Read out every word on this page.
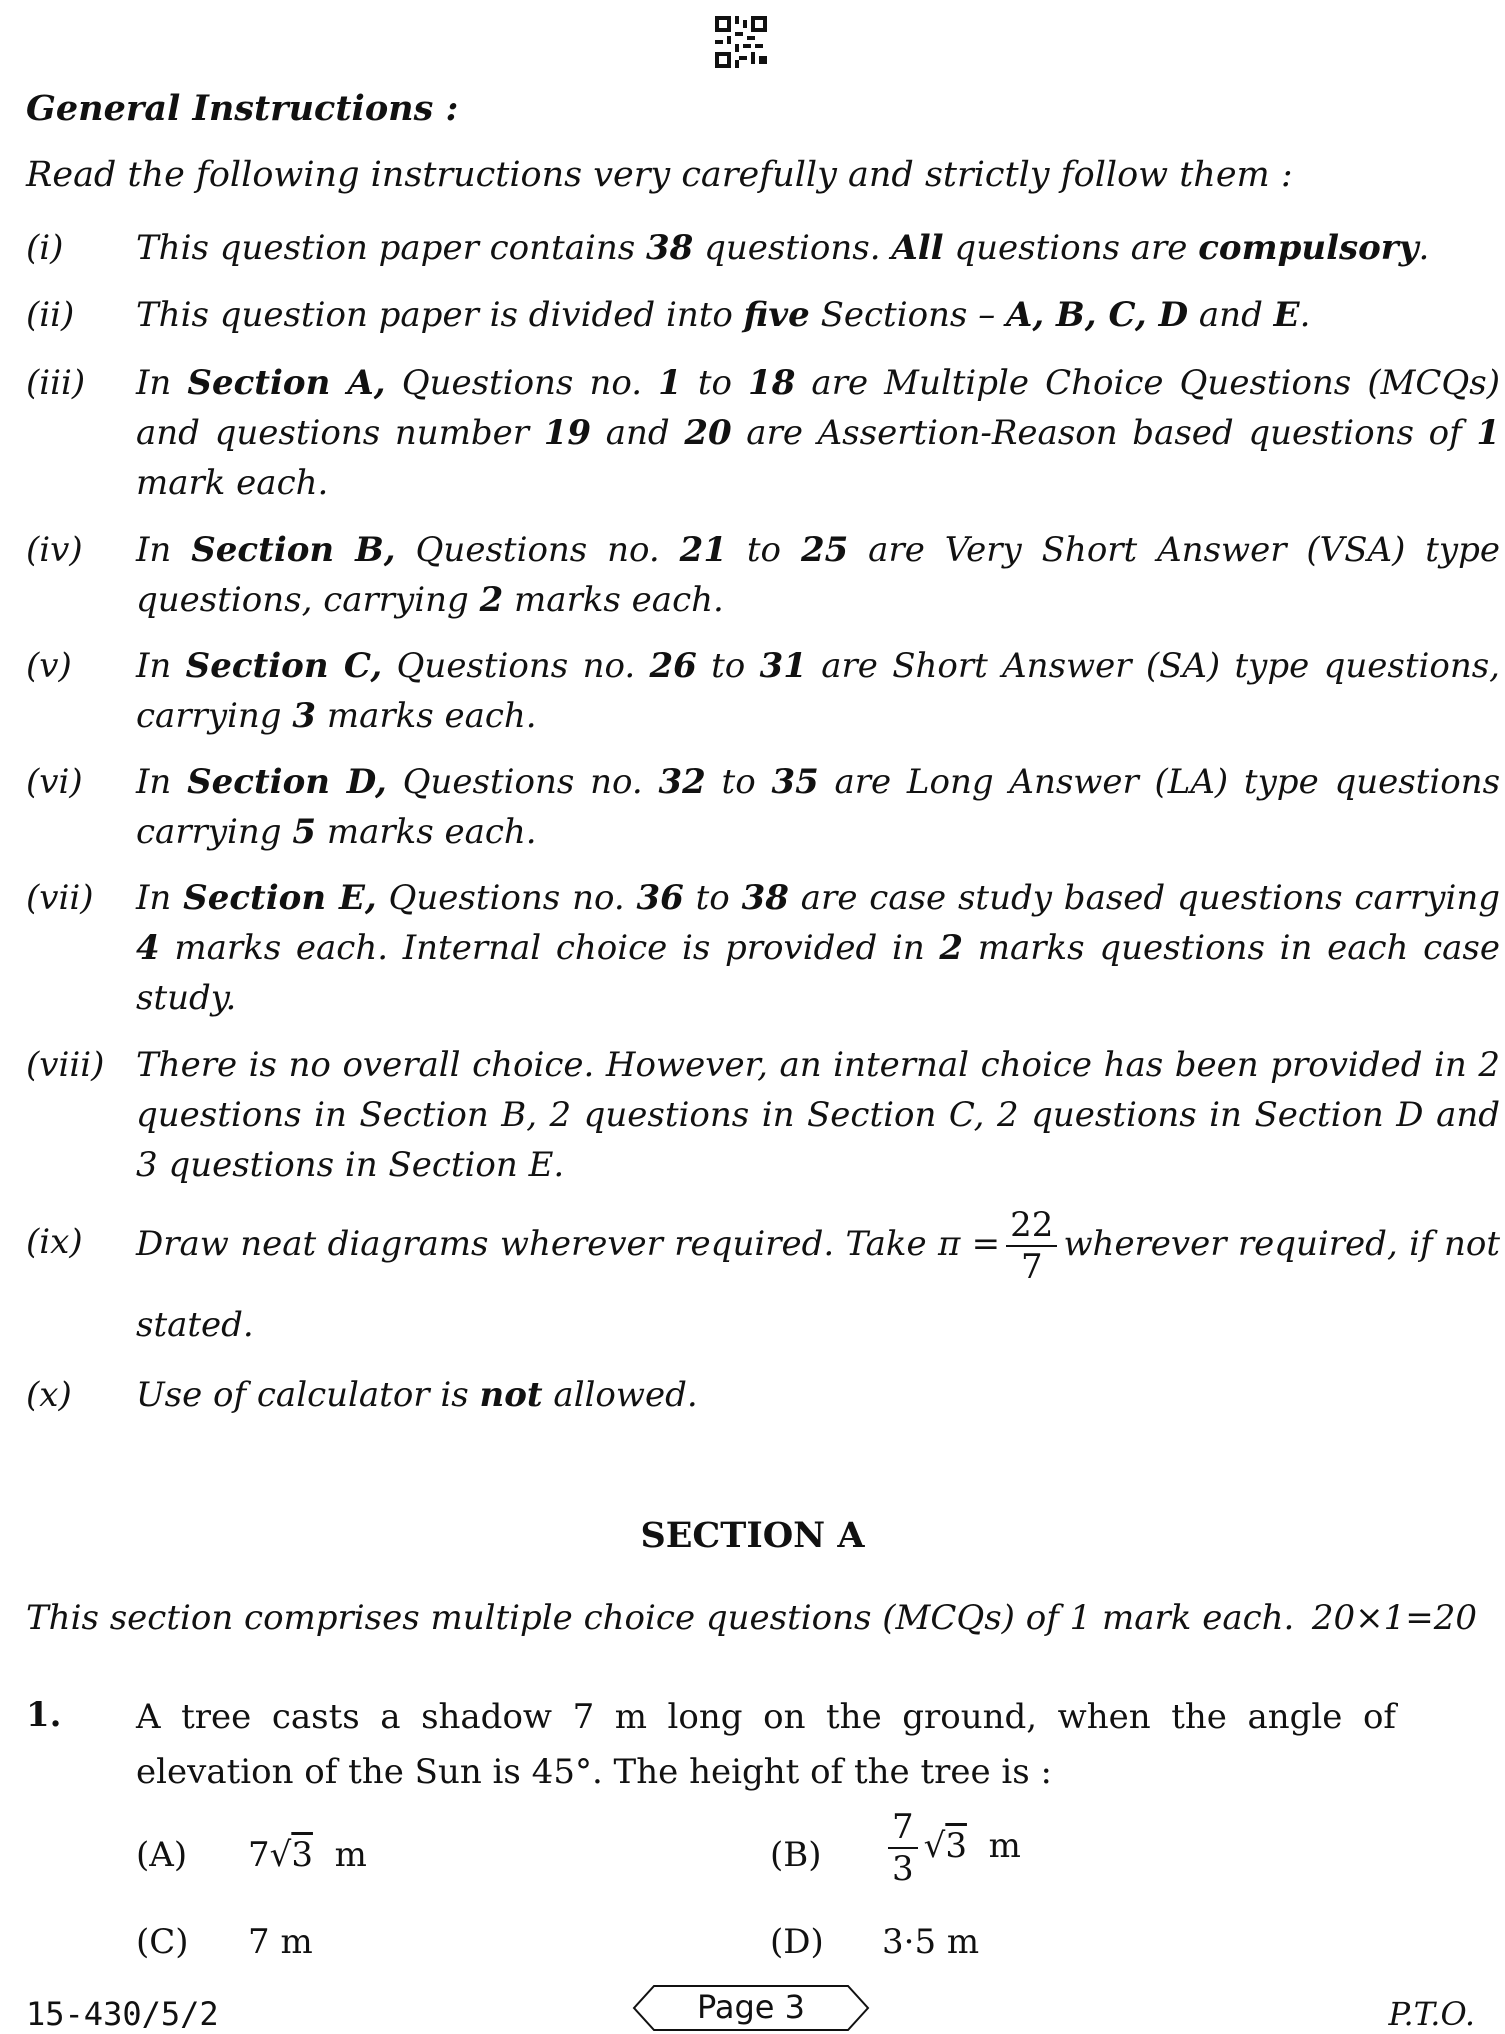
General Instructions :
Read the following instructions very carefully and strictly follow them :
(i) This question paper contains 38 questions. All questions are compulsory.
(ii) This question paper is divided into five Sections – A, B, C, D and E.
(iii) In Section A, Questions no. 1 to 18 are Multiple Choice Questions (MCQs) and questions number 19 and 20 are Assertion-Reason based questions of 1 mark each.
(iv) In Section B, Questions no. 21 to 25 are Very Short Answer (VSA) type questions, carrying 2 marks each.
(v) In Section C, Questions no. 26 to 31 are Short Answer (SA) type questions, carrying 3 marks each.
(vi) In Section D, Questions no. 32 to 35 are Long Answer (LA) type questions carrying 5 marks each.
(vii) In Section E, Questions no. 36 to 38 are case study based questions carrying 4 marks each. Internal choice is provided in 2 marks questions in each case study.
(viii) There is no overall choice. However, an internal choice has been provided in 2 questions in Section B, 2 questions in Section C, 2 questions in Section D and 3 questions in Section E.
(ix) Draw neat diagrams wherever required. Take $\pi = \frac{22}{7}$ wherever required, if not stated.
(x) Use of calculator is not allowed.
SECTION A
This section comprises multiple choice questions (MCQs) of 1 mark each. 20×1=20
1. A tree casts a shadow 7 m long on the ground, when the angle of elevation of the Sun is 45°. The height of the tree is :
(A) 7√3 m	$(B) \frac{7}{3} √3$ m
(C) 7 m	(D) 3·5 m
15-430/5/2	Page 3	P.T.O.
